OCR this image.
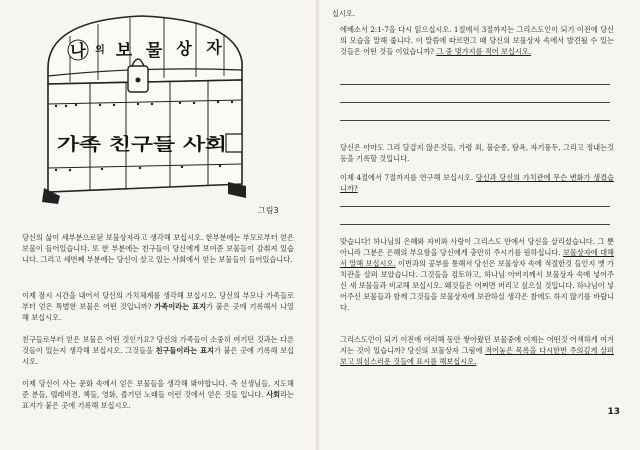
나 의 보 물 상 자
가족 친구들 사회
그림3

당신의 삶이 세부분으로된 보물상자라고 생각해 보십시오. 한부분에는 부모로부터 얻은 보물이 들어있습니다. 또 한 부분에는 친구들이 당신에게 보여준 보물들이 감춰져 있습니다. 그리고 세번째 부분에는 당신이 살고 있는 사회에서 얻는 보물들이 들어있습니다.

이제 잠시 시간을 내어서 당신의 가치체계를 생각해 보십시오. 당신의 부모나 가족들로부터 얻은 특별한 보물은 어떤 것입니까? 가족이라는 표지가 붙은 곳에 기록해서 나열해 보십시오.

친구들로부터 얻은 보물은 어떤 것인가요? 당신의 가족들이 소중히 여기던 것과는 다른 것들이 있는지 생각해 보십시오. 그것들을 친구들이라는 표지가 붙은 곳에 기록해 보십시오.

이제 당신이 사는 문화 속에서 얻은 보물들을 생각해 봐야합니다. 즉 선생님들, 지도해준 분들, 텔레비젼, 책들, 영화, 즐기던 노래들 이런 것에서 얻은 것들 입니다. 사회라는 표지가 붙은 곳에 기록해 보십시오.

십시오.

에베소서 2:1-7을 다시 읽으십시오. 1절에서 3절까지는 그리스도인이 되기 이전에 당신의 모습을 말해 줍니다. 이 말씀에 따르면그 때 당신의 보물상자 속에서 발견될 수 있는 것들은 어떤 것들 이었습니까? 그 중 몇가지를 적어 보십시오.

당신은 아마도 그리 달갑지 않은것들, 가령 죄, 불순종, 탐욕, 자기풍두, 그리고 정내는것 등을 기록할 것입니다.

이제 4절에서 7절까지를 연구해 보십시오. 당신과 당신의 가치관에 무슨 변화가 생겼습니까?

맞습니다! 하나님의 은혜와 자비와 사랑이 그리스도 안에서 당신을 살리셨습니다. 그 뿐아니라 그분은 은혜의 부요함을 당신에게 충만히 주시기를 원하십니다. 보물상자에 대해서 말해 보십시오. 이번과의 공부를 통해서 당신은 보물상자 속에 적절한것 들인지 옛 가치관을 살펴 보았습니다. 그것들을 검토하고, 하나님 아버지께서 보물상자 속에 넣어주신 새 보물들과 비교해 보십시오. 왜것들은 어쩌면 버리고 싶으실 것입니다. 하나님이 넣어주신 보물들과 함께 그것들을 보물상자에 보관하실 생각은 참에도 하지 않기를 바랍니다.

그리스도인이 되기 이전에 여러해 동안 쌓아왔던 보물중에 이제는 어떤것 어색하게 여겨지는 것이 있습니까? 당신의 보물상자 그림에 적어놓은 목록을 다시한번 주의깊게 살펴보고 의심스러운 것들에 표시를 해보십시오.

13
